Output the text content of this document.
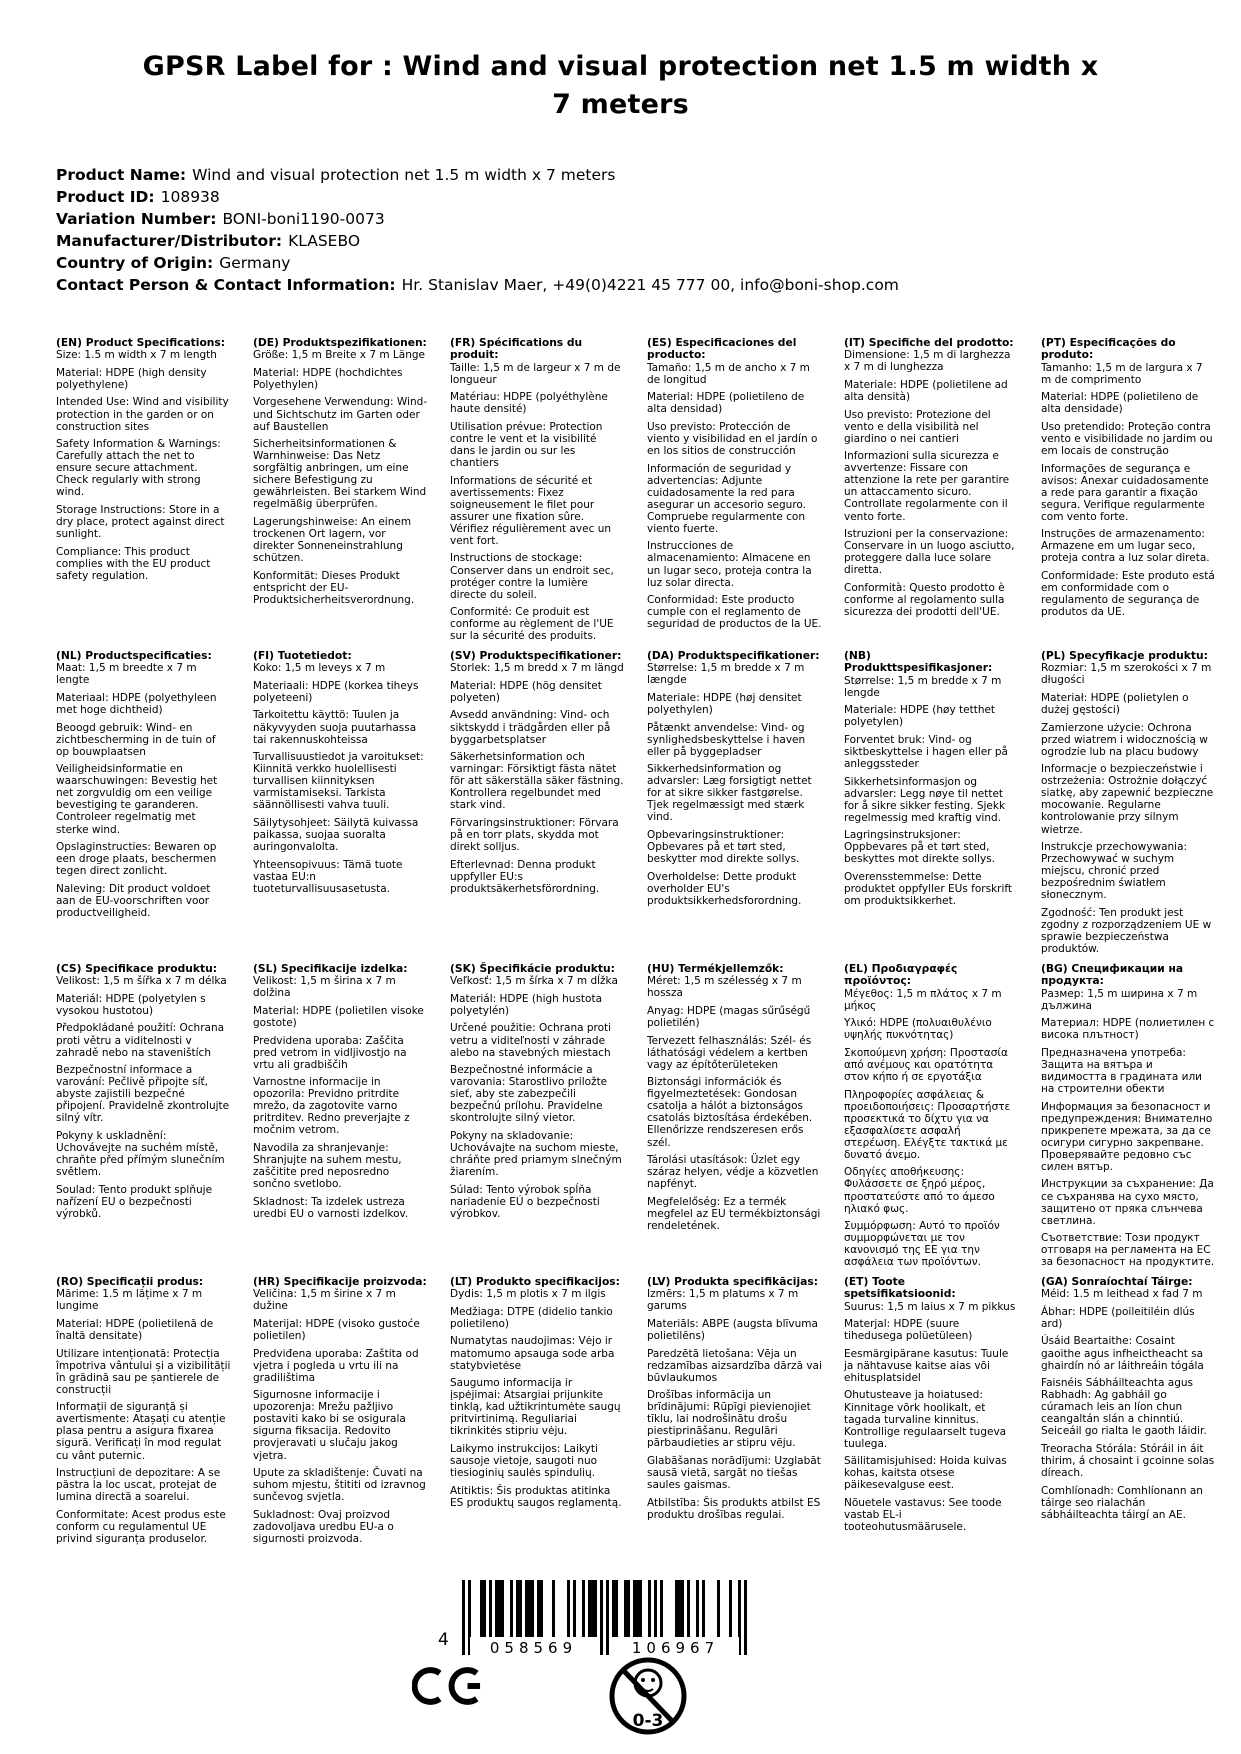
GPSR Label for : Wind and visual protection net 1.5 m width x 7 meters
Product Name: Wind and visual protection net 1.5 m width x 7 meters
Product ID: 108938
Variation Number: BONI-boni1190-0073
Manufacturer/Distributor: KLASEBO
Country of Origin: Germany
Contact Person & Contact Information: Hr. Stanislav Maer, +49(0)4221 45 777 00, info@boni-shop.com
(EN) Product Specifications:

Size: 1.5 m width x 7 m length

Material: HDPE (high density polyethylene)

Intended Use: Wind and visibility protection in the garden or on construction sites

Safety Information & Warnings: Carefully attach the net to ensure secure attachment. Check regularly with strong wind.

Storage Instructions: Store in a dry place, protect against direct sunlight.

Compliance: This product complies with the EU product safety regulation.

(DE) Produktspezifikationen:

Größe: 1,5 m Breite x 7 m Länge

Material: HDPE (hochdichtes Polyethylen)

Vorgesehene Verwendung: Wind- und Sichtschutz im Garten oder auf Baustellen

Sicherheitsinformationen & Warnhinweise: Das Netz sorgfältig anbringen, um eine sichere Befestigung zu gewährleisten. Bei starkem Wind regelmäßig überprüfen.

Lagerungshinweise: An einem trockenen Ort lagern, vor direkter Sonneneinstrahlung schützen.

Konformität: Dieses Produkt entspricht der EU-Produktsicherheitsverordnung.

(FR) Spécifications du produit:

Taille: 1,5 m de largeur x 7 m de longueur

Matériau: HDPE (polyéthylène haute densité)

Utilisation prévue: Protection contre le vent et la visibilité dans le jardin ou sur les chantiers

Informations de sécurité et avertissements: Fixez soigneusement le filet pour assurer une fixation sûre. Vérifiez régulièrement avec un vent fort.

Instructions de stockage: Conserver dans un endroit sec, protéger contre la lumière directe du soleil.

Conformité: Ce produit est conforme au règlement de l'UE sur la sécurité des produits.

(ES) Especificaciones del producto:

Tamaño: 1,5 m de ancho x 7 m de longitud

Material: HDPE (polietileno de alta densidad)

Uso previsto: Protección de viento y visibilidad en el jardín o en los sitios de construcción

Información de seguridad y advertencias: Adjunte cuidadosamente la red para asegurar un accesorio seguro. Compruebe regularmente con viento fuerte.

Instrucciones de almacenamiento: Almacene en un lugar seco, proteja contra la luz solar directa.

Conformidad: Este producto cumple con el reglamento de seguridad de productos de la UE.

(IT) Specifiche del prodotto:

Dimensione: 1,5 m di larghezza x 7 m di lunghezza

Materiale: HDPE (polietilene ad alta densità)

Uso previsto: Protezione del vento e della visibilità nel giardino o nei cantieri

Informazioni sulla sicurezza e avvertenze: Fissare con attenzione la rete per garantire un attaccamento sicuro. Controllate regolarmente con il vento forte.

Istruzioni per la conservazione: Conservare in un luogo asciutto, proteggere dalla luce solare diretta.

Conformità: Questo prodotto è conforme al regolamento sulla sicurezza dei prodotti dell'UE.

(PT) Especificações do produto:

Tamanho: 1,5 m de largura x 7 m de comprimento

Material: HDPE (polietileno de alta densidade)

Uso pretendido: Proteção contra vento e visibilidade no jardim ou em locais de construção

Informações de segurança e avisos: Anexar cuidadosamente a rede para garantir a fixação segura. Verifique regularmente com vento forte.

Instruções de armazenamento: Armazene em um lugar seco, proteja contra a luz solar direta.

Conformidade: Este produto está em conformidade com o regulamento de segurança de produtos da UE.

(NL) Productspecificaties:

Maat: 1,5 m breedte x 7 m lengte

Materiaal: HDPE (polyethyleen met hoge dichtheid)

Beoogd gebruik: Wind- en zichtbescherming in de tuin of op bouwplaatsen

Veiligheidsinformatie en waarschuwingen: Bevestig het net zorgvuldig om een veilige bevestiging te garanderen. Controleer regelmatig met sterke wind.

Opslaginstructies: Bewaren op een droge plaats, beschermen tegen direct zonlicht.

Naleving: Dit product voldoet aan de EU-voorschriften voor productveiligheid.

(FI) Tuotetiedot:

Koko: 1,5 m leveys x 7 m

Materiaali: HDPE (korkea tiheys polyeteeni)

Tarkoitettu käyttö: Tuulen ja näkyvyyden suoja puutarhassa tai rakennuskohteissa

Turvallisuustiedot ja varoitukset: Kiinnitä verkko huolellisesti turvallisen kiinnityksen varmistamiseksi. Tarkista säännöllisesti vahva tuuli.

Säilytysohjeet: Säilytä kuivassa paikassa, suojaa suoralta auringonvalolta.

Yhteensopivuus: Tämä tuote vastaa EU:n tuoteturvallisuusasetusta.

(SV) Produktspecifikationer:

Storlek: 1,5 m bredd x 7 m längd

Material: HDPE (hög densitet polyeten)

Avsedd användning: Vind- och siktskydd i trädgården eller på byggarbetsplatser

Säkerhetsinformation och varningar: Försiktigt fästa nätet för att säkerställa säker fästning. Kontrollera regelbundet med stark vind.

Förvaringsinstruktioner: Förvara på en torr plats, skydda mot direkt solljus.

Efterlevnad: Denna produkt uppfyller EU:s produktsäkerhetsförordning.

(DA) Produktspecifikationer:

Størrelse: 1,5 m bredde x 7 m længde

Materiale: HDPE (høj densitet polyethylen)

Påtænkt anvendelse: Vind- og synlighedsbeskyttelse i haven eller på byggepladser

Sikkerhedsinformation og advarsler: Læg forsigtigt nettet for at sikre sikker fastgørelse. Tjek regelmæssigt med stærk vind.

Opbevaringsinstruktioner: Opbevares på et tørt sted, beskytter mod direkte sollys.

Overholdelse: Dette produkt overholder EU's produktsikkerhedsforordning.

(NB) Produkttspesifikasjoner:

Størrelse: 1,5 m bredde x 7 m lengde

Materiale: HDPE (høy tetthet polyetylen)

Forventet bruk: Vind- og siktbeskyttelse i hagen eller på anleggssteder

Sikkerhetsinformasjon og advarsler: Legg nøye til nettet for å sikre sikker festing. Sjekk regelmessig med kraftig vind.

Lagringsinstruksjoner: Oppbevares på et tørt sted, beskyttes mot direkte sollys.

Overensstemmelse: Dette produktet oppfyller EUs forskrift om produktsikkerhet.

(PL) Specyfikacje produktu:

Rozmiar: 1,5 m szerokości x 7 m długości

Materiał: HDPE (polietylen o dużej gęstości)

Zamierzone użycie: Ochrona przed wiatrem i widocznością w ogrodzie lub na placu budowy

Informacje o bezpieczeństwie i ostrzeżenia: Ostrożnie dołączyć siatkę, aby zapewnić bezpieczne mocowanie. Regularne kontrolowanie przy silnym wietrze.

Instrukcje przechowywania: Przechowywać w suchym miejscu, chronić przed bezpośrednim światłem słonecznym.

Zgodność: Ten produkt jest zgodny z rozporządzeniem UE w sprawie bezpieczeństwa produktów.

(CS) Specifikace produktu:

Velikost: 1,5 m šířka x 7 m délka

Materiál: HDPE (polyetylen s vysokou hustotou)

Předpokládané použití: Ochrana proti větru a viditelnosti v zahradě nebo na staveništích

Bezpečnostní informace a varování: Pečlivě připojte síť, abyste zajistili bezpečné připojení. Pravidelně zkontrolujte silný vítr.

Pokyny k uskladnění: Uchovávejte na suchém místě, chraňte před přímým slunečním světlem.

Soulad: Tento produkt splňuje nařízení EU o bezpečnosti výrobků.

(SL) Specifikacije izdelka:

Velikost: 1,5 m širina x 7 m dolžina

Material: HDPE (polietilen visoke gostote)

Predvidena uporaba: Zaščita pred vetrom in vidljivostjo na vrtu ali gradbiščih

Varnostne informacije in opozorila: Previdno pritrdite mrežo, da zagotovite varno pritrditev. Redno preverjajte z močnim vetrom.

Navodila za shranjevanje: Shranjujte na suhem mestu, zaščitite pred neposredno sončno svetlobo.

Skladnost: Ta izdelek ustreza uredbi EU o varnosti izdelkov.

(SK) Špecifikácie produktu:

Veľkosť: 1,5 m šírka x 7 m dĺžka

Materiál: HDPE (high hustota polyetylén)

Určené použitie: Ochrana proti vetru a viditeľnosti v záhrade alebo na stavebných miestach

Bezpečnostné informácie a varovania: Starostlivo priložte sieť, aby ste zabezpečili bezpečnú prílohu. Pravidelne skontrolujte silný vietor.

Pokyny na skladovanie: Uchovávajte na suchom mieste, chráňte pred priamym slnečným žiarením.

Súlad: Tento výrobok spĺňa nariadenie EÚ o bezpečnosti výrobkov.

(HU) Termékjellemzők:

Méret: 1,5 m szélesség x 7 m hossza

Anyag: HDPE (magas sűrűségű polietilén)

Tervezett felhasználás: Szél- és láthatósági védelem a kertben vagy az építőterületeken

Biztonsági információk és figyelmeztetések: Gondosan csatolja a hálót a biztonságos csatolás biztosítása érdekében. Ellenőrizze rendszeresen erős szél.

Tárolási utasítások: Üzlet egy száraz helyen, védje a közvetlen napfényt.

Megfelelőség: Ez a termék megfelel az EU termékbiztonsági rendeletének.

(EL) Προδιαγραφές προϊόντος:

Μέγεθος: 1,5 m πλάτος x 7 m μήκος

Υλικό: HDPE (πολυαιθυλένιο υψηλής πυκνότητας)

Σκοπούμενη χρήση: Προστασία από ανέμους και ορατότητα στον κήπο ή σε εργοτάξια

Πληροφορίες ασφάλειας & προειδοποιήσεις: Προσαρτήστε προσεκτικά το δίχτυ για να εξασφαλίσετε ασφαλή στερέωση. Ελέγξτε τακτικά με δυνατό άνεμο.

Οδηγίες αποθήκευσης: Φυλάσσετε σε ξηρό μέρος, προστατεύστε από το άμεσο ηλιακό φως.

Συμμόρφωση: Αυτό το προϊόν συμμορφώνεται με τον κανονισμό της ΕΕ για την ασφάλεια των προϊόντων.

(BG) Спецификации на продукта:

Размер: 1,5 m ширина x 7 m дължина

Материал: HDPE (полиетилен с висока плътност)

Предназначена употреба: Защита на вятъра и видимостта в градината или на строителни обекти

Информация за безопасност и предупреждения: Внимателно прикрепете мрежата, за да се осигури сигурно закрепване. Проверявайте редовно със силен вятър.

Инструкции за съхранение: Да се съхранява на сухо място, защитено от пряка слънчева светлина.

Съответствие: Този продукт отговаря на регламента на ЕС за безопасност на продуктите.

(RO) Specificații produs:

Mărime: 1.5 m lățime x 7 m lungime

Material: HDPE (polietilenă de înaltă densitate)

Utilizare intenționată: Protecția împotriva vântului și a vizibilității în grădină sau pe șantierele de construcții

Informații de siguranță și avertismente: Atașați cu atenție plasa pentru a asigura fixarea sigură. Verificați în mod regulat cu vânt puternic.

Instrucțiuni de depozitare: A se păstra la loc uscat, protejat de lumina directă a soarelui.

Conformitate: Acest produs este conform cu regulamentul UE privind siguranța produselor.

(HR) Specifikacije proizvoda:

Veličina: 1,5 m širine x 7 m dužine

Materijal: HDPE (visoko gustoće polietilen)

Predviđena uporaba: Zaštita od vjetra i pogleda u vrtu ili na gradilištima

Sigurnosne informacije i upozorenja: Mrežu pažljivo postaviti kako bi se osigurala sigurna fiksacija. Redovito provjeravati u slučaju jakog vjetra.

Upute za skladištenje: Čuvati na suhom mjestu, štititi od izravnog sunčevog svjetla.

Sukladnost: Ovaj proizvod zadovoljava uredbu EU-a o sigurnosti proizvoda.

(LT) Produkto specifikacijos:

Dydis: 1,5 m plotis x 7 m ilgis

Medžiaga: DTPE (didelio tankio polietileno)

Numatytas naudojimas: Vėjo ir matomumo apsauga sode arba statybvietėse

Saugumo informacija ir įspėjimai: Atsargiai prijunkite tinklą, kad užtikrintumėte saugų pritvirtinimą. Reguliariai tikrinkitės stipriu vėju.

Laikymo instrukcijos: Laikyti sausoje vietoje, saugoti nuo tiesioginių saulės spindulių.

Atitiktis: Šis produktas atitinka ES produktų saugos reglamentą.

(LV) Produkta specifikācijas:

Izmērs: 1,5 m platums x 7 m garums

Materiāls: ABPE (augsta blīvuma polietilēns)

Paredzētā lietošana: Vēja un redzamības aizsardzība dārzā vai būvlaukumos

Drošības informācija un brīdinājumi: Rūpīgi pievienojiet tīklu, lai nodrošinātu drošu piestiprināšanu. Regulāri pārbaudieties ar stipru vēju.

Glabāšanas norādījumi: Uzglabāt sausā vietā, sargāt no tiešas saules gaismas.

Atbilstība: Šis produkts atbilst ES produktu drošības regulai.

(ET) Toote spetsifikatsioonid:

Suurus: 1,5 m laius x 7 m pikkus

Materjal: HDPE (suure tihedusega polüetüleen)

Eesmärgipärane kasutus: Tuule ja nähtavuse kaitse aias või ehitusplatsidel

Ohutusteave ja hoiatused: Kinnitage võrk hoolikalt, et tagada turvaline kinnitus. Kontrollige regulaarselt tugeva tuulega.

Säilitamisjuhised: Hoida kuivas kohas, kaitsta otsese päikesevalguse eest.

Nõuetele vastavus: See toode vastab EL-i tooteohutusmäärusele.

(GA) Sonraíochtaí Táirge:

Méid: 1.5 m leithead x fad 7 m

Ábhar: HDPE (poileitiléin dlús ard)

Úsáid Beartaithe: Cosaint gaoithe agus infheictheacht sa ghairdín nó ar láithreáin tógála

Faisnéis Sábháilteachta agus Rabhadh: Ag gabháil go cúramach leis an líon chun ceangaltán slán a chinntiú. Seiceáil go rialta le gaoth láidir.

Treoracha Stórála: Stóráil in áit thirim, á chosaint i gcoinne solas díreach.

Comhlíonadh: Comhlíonann an táirge seo rialachán sábháilteachta táirgí an AE.

4	058569	106967
0-3
